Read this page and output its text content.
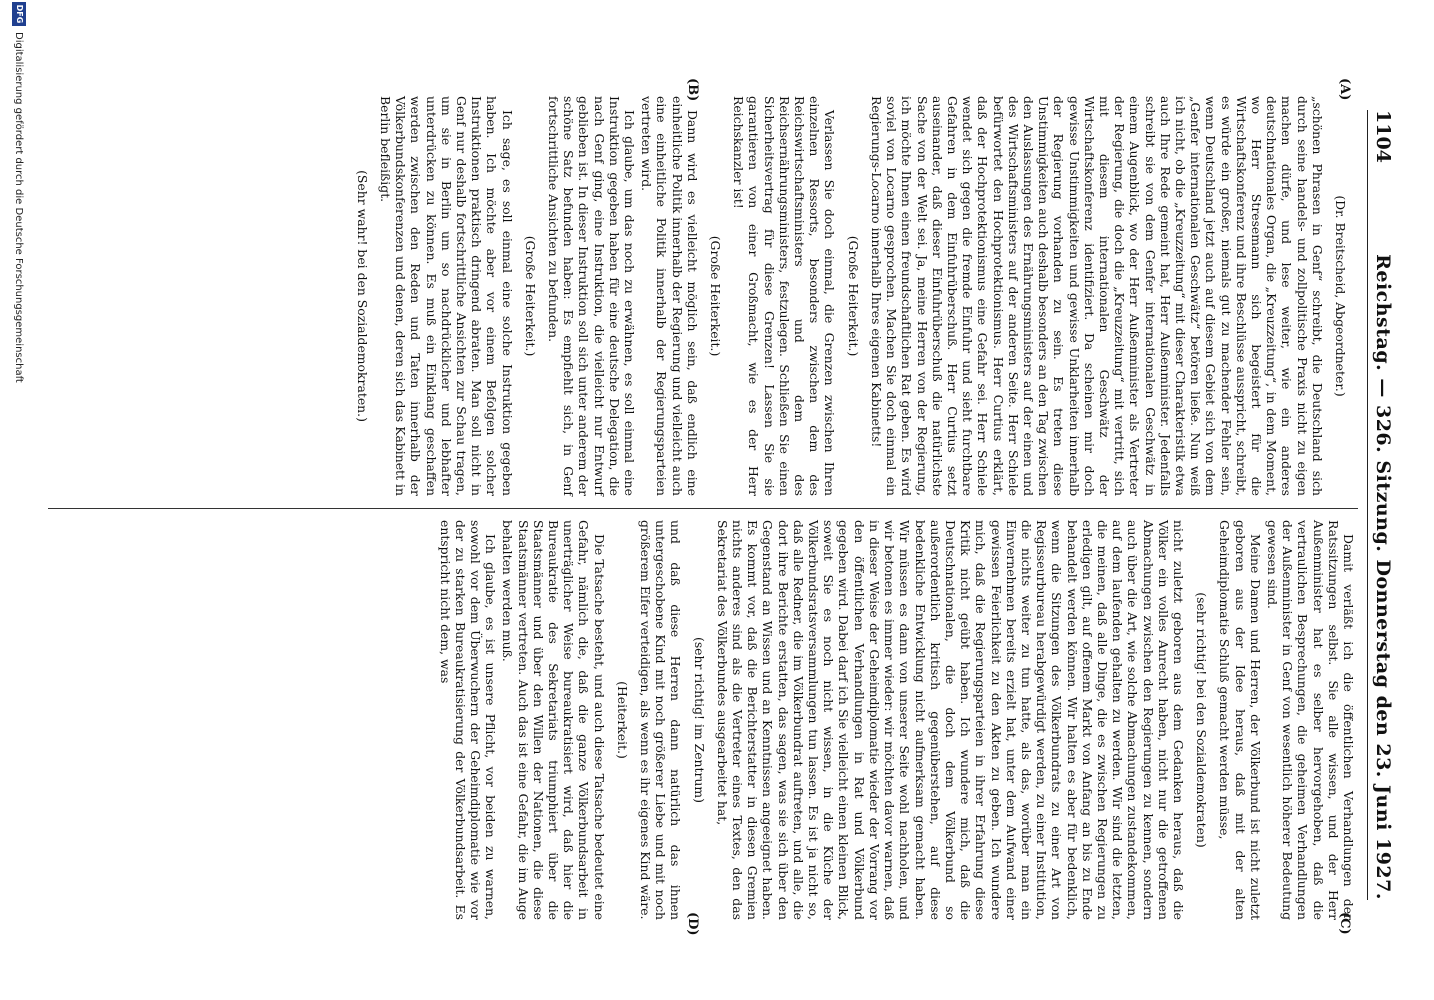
1104
Reichstag. — 326. Sitzung. Donnerstag den 23. Juni 1927.
(A)
(B)
(C)
(D)

(Dr. Breitscheid, Abgeordneter.)

„schönen Phrasen in Genf“ schreibt, die Deutschland sich durch seine handels- und zollpolitische Praxis nicht zu eigen machen dürfe, und lese weiter, wie ein anderes deutschnationales Organ, die „Kreuzzeitung“, in dem Moment, wo Herr Stresemann sich begeistert für die Wirtschaftskonferenz und ihre Beschlüsse ausspricht, schreibt, es würde ein großer, niemals gut zu machender Fehler sein, wenn Deutschland jetzt auch auf diesem Gebiet sich von dem „Genfer internationalen Geschwätz“ betören ließe. Nun weiß ich nicht, ob die „Kreuzzeitung“ mit dieser Charakteristik etwa auch Ihre Rede gemeint hat, Herr Außenminister. Jedenfalls schreibt sie von dem Genfer internationalen Geschwätz in einem Augenblick, wo der Herr Außenminister als Vertreter der Regierung, die doch die „Kreuzzeitung“ mit vertritt, sich mit diesem internationalen Geschwätz der Wirtschaftskonferenz identifiziert. Da scheinen mir doch gewisse Unstimmigkeiten und gewisse Unklarheiten innerhalb der Regierung vorhanden zu sein. Es treten diese Unstimmigkeiten auch deshalb besonders an den Tag zwischen den Auslassungen des Ernährungsministers auf der einen und des Wirtschaftsministers auf der anderen Seite. Herr Schiele befürwortet den Hochprotektionismus. Herr Curtius erklärt, daß der Hochprotektionismus eine Gefahr sei. Herr Schiele wendet sich gegen die fremde Einfuhr und sieht furchtbare Gefahren in dem Einfuhrüberschuß. Herr Curtius setzt auseinander, daß dieser Einfuhrüberschuß die natürlichste Sache von der Welt sei. Ja, meine Herren von der Regierung, ich möchte Ihnen einen freundschaftlichen Rat geben. Es wird soviel von Locarno gesprochen. Machen Sie doch einmal ein Regierungs-Locarno innerhalb Ihres eigenen Kabinetts!

(Große Heiterkeit.)

Verlassen Sie doch einmal, die Grenzen zwischen Ihren einzelnen Ressorts, besonders zwischen dem des Reichswirtschaftsministers und dem des Reichsernährungsministers, festzulegen. Schließen Sie einen Sicherheitsvertrag für diese Grenzen! Lassen Sie sie garantieren von einer Großmacht, wie es der Herr Reichskanzler ist!

(Große Heiterkeit.)

Dann wird es vielleicht möglich sein, daß endlich eine einheitliche Politik innerhalb der Regierung und vielleicht auch eine einheitliche Politik innerhalb der Regierungsparteien vertreten wird.

Ich glaube, um das noch zu erwähnen, es soll einmal eine Instruktion gegeben haben für eine deutsche Delegation, die nach Genf ging, eine Instruktion, die vielleicht nur Entwurf geblieben ist. In dieser Instruktion soll sich unter anderem der schöne Satz befunden haben: Es empfiehlt sich, in Genf fortschrittliche Ansichten zu befunden.

(Große Heiterkeit.)

Ich sage, es soll einmal eine solche Instruktion gegeben haben. Ich möchte aber vor einem Befolgen solcher Instruktionen praktisch dringend abraten. Man soll nicht in Genf nur deshalb fortschrittliche Ansichten zur Schau tragen, um sie in Berlin um so nachdrücklicher und lebhafter unterdrücken zu können. Es muß ein Einklang geschaffen werden zwischen den Reden und Taten innerhalb der Völkerbundskonferenzen und denen, deren sich das Kabinett in Berlin befleißigt.

(Sehr wahr! bei den Sozialdemokraten.)

Damit verläßt ich die öffentlichen Verhandlungen der Ratssitzungen selbst. Sie alle wissen, und der Herr Außenminister hat es selber hervorgehoben, daß die vertraulichen Besprechungen, die geheimen Verhandlungen der Außenminister in Genf von wesentlich höherer Bedeutung gewesen sind.

Meine Damen und Herren, der Völkerbund ist nicht zuletzt geboren aus der Idee heraus, daß mit der alten Geheimdiplomatie Schluß gemacht werden müsse,

(sehr richtig! bei den Sozialdemokraten)

nicht zuletzt geboren aus dem Gedanken heraus, daß die Völker ein volles Anrecht haben, nicht nur die getroffenen Abmachungen zwischen den Regierungen zu kennen, sondern auch über die Art, wie solche Abmachungen zustandekommen, auf dem laufenden gehalten zu werden. Wir sind die letzten, die meinen, daß alle Dinge, die es zwischen Regierungen zu erledigen gilt, auf offenem Markt von Anfang an bis zu Ende behandelt werden können. Wir halten es aber für bedenklich, wenn die Sitzungen des Völkerbundrats zu einer Art von Regisseurbureau herabgewürdigt werden, zu einer Institution, die nichts weiter zu tun hatte, als das, worüber man ein Einvernehmen bereits erzielt hat, unter dem Aufwand einer gewissen Feierlichkeit zu den Akten zu geben. Ich wundere mich, daß die Regierungsparteien in ihrer Erfahrung diese Kritik nicht geübt haben. Ich wundere mich, daß die Deutschnationalen, die doch dem Völkerbund so außerordentlich kritisch gegenüberstehen, auf diese bedenkliche Entwicklung nicht aufmerksam gemacht haben. Wir müssen es dann von unserer Seite wohl nachholen, und wir betonen es immer wieder: wir möchten davor warnen, daß in dieser Weise der Geheimdiplomatie wieder der Vorrang vor den öffentlichen Verhandlungen in Rat und Völkerbund gegeben wird. Dabei darf ich Sie vielleicht einen kleinen Blick, soweit Sie es noch nicht wissen, in die Küche der Völkerbundsratsversammlungen tun lassen. Es ist ja nicht so, daß alle Redner, die im Völkerbundrat auftreten, und alle, die dort ihre Berichte erstatten, das sagen, was sie sich über den Gegenstand an Wissen und an Kenntnissen angeeignet haben. Es kommt vor, daß die Berichterstatter in diesen Gremien nichts anderes sind als die Vertreter eines Textes, den das Sekretariat des Völkerbundes ausgearbeitet hat,

(sehr richtig! im Zentrum)

und daß diese Herren dann natürlich das ihnen untergeschobene Kind mit noch größerer Liebe und mit noch größerem Eifer verteidigen, als wenn es ihr eigenes Kind wäre.

(Heiterkeit.)

Die Tatsache besteht, und auch diese Tatsache bedeutet eine Gefahr, nämlich die, daß die ganze Völkerbundsarbeit in unerträglicher Weise bureaukratisiert wird, daß hier die Bureaukratie des Sekretariats triumphiert über die Staatsmänner und über den Willen der Nationen, die diese Staatsmänner vertreten. Auch das ist eine Gefahr, die im Auge behalten werden muß.

Ich glaube, es ist unsere Pflicht, vor beiden zu warnen, sowohl vor dem Überwuchern der Geheimdiplomatie wie vor der zu starken Bureaukratisierung der Völkerbundsarbeit. Es entspricht nicht dem, was

DFG
Digitalisierung gefördert durch die Deutsche Forschungsgemeinschaft
